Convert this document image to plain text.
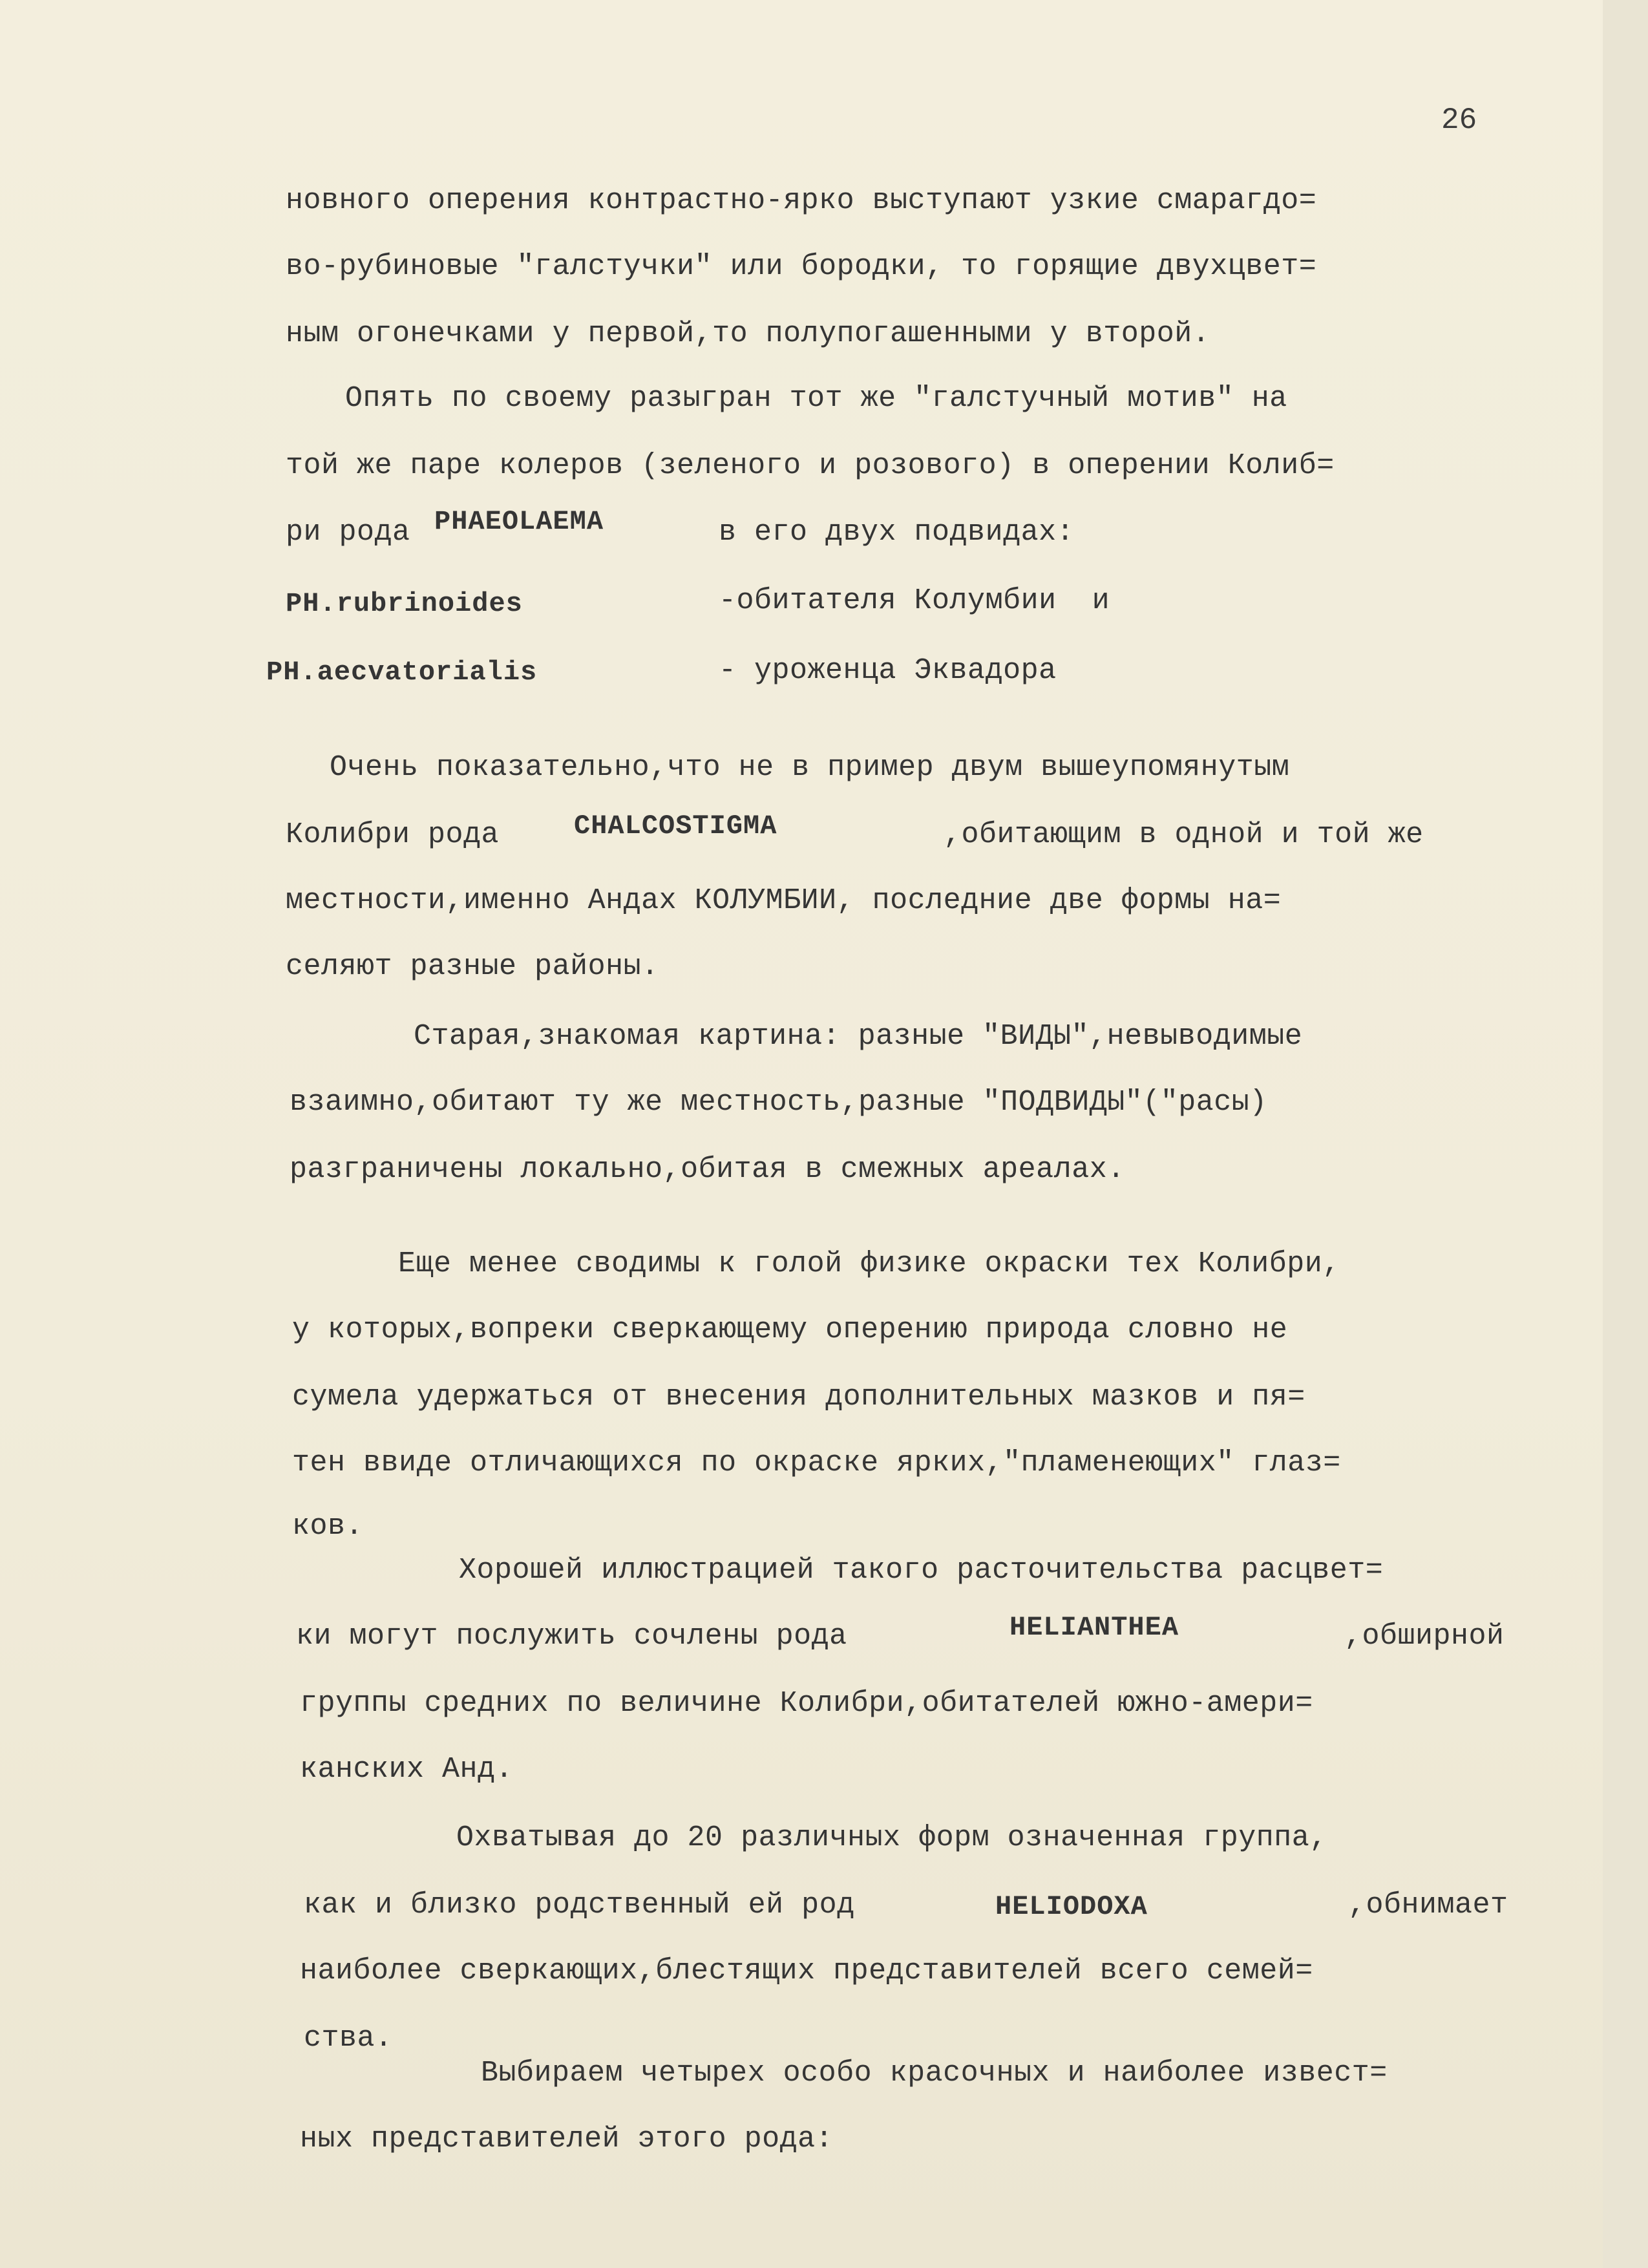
26
новного оперения контрастно-ярко выступают узкие смарагдо=
во-рубиновые "галстучки" или бородки, то горящие двухцвет=
ным огонечками у первой,то полупогашенными у второй.
Опять по своему разыгран тот же "галстучный мотив" на
той же паре колеров (зеленого и розового) в оперении Колиб=
ри рода PHAEOLAEMA	в его двух подвидах:
PH.rubrinoides	-обитателя Колумбии  и
PH.aecvatorialis	- уроженца Эквадора
Очень показательно,что не в пример двум вышеупомянутым
Колибри рода	CHALCOSTIGMA	,обитающим в одной и той же
местности,именно Андах КОЛУМБИИ, последние две формы на=
селяют разные районы.
Старая,знакомая картина: разные "ВИДЫ",невыводимые
взаимно,обитают ту же местность,разные "ПОДВИДЫ"("расы)
разграничены локально,обитая в смежных ареалах.
Еще менее сводимы к голой физике окраски тех Колибри,
у которых,вопреки сверкающему оперению природа словно не
сумела удержаться от внесения дополнительных мазков и пя=
тен ввиде отличающихся по окраске ярких,"пламенеющих" глаз=
ков.
Хорошей иллюстрацией такого расточительства расцвет=
ки могут послужить сочлены рода	HELIANTHEA	,обширной
группы средних по величине Колибри,обитателей южно-амери=
канских Анд.
Охватывая до 20 различных форм означенная группа,
как и близко родственный ей род	HELIODOXA	,обнимает
наиболее сверкающих,блестящих представителей всего семей=
ства.
Выбираем четырех особо красочных и наиболее извест=
ных представителей этого рода:
